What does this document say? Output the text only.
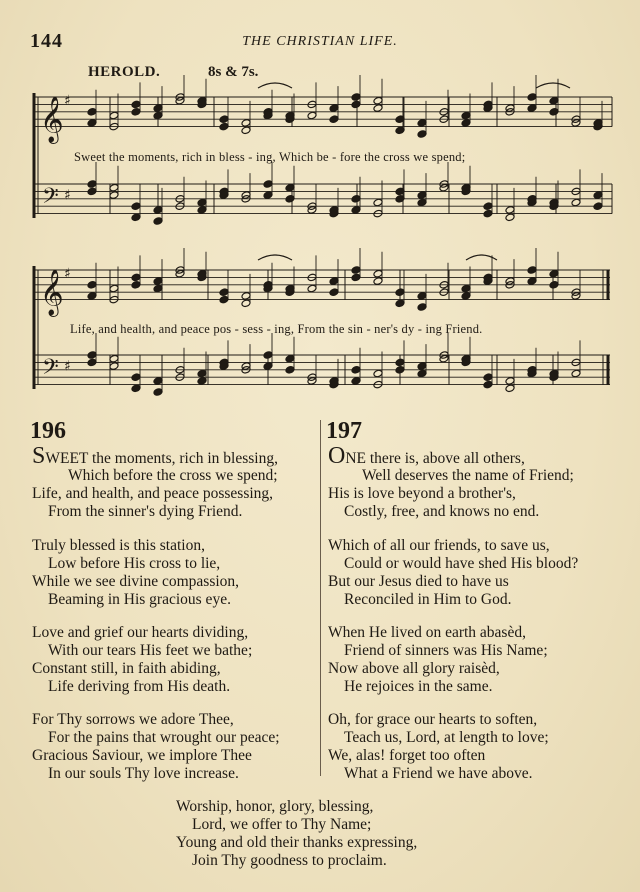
144	THE CHRISTIAN LIFE.
HEROLD.	8s & 7s.
𝄞 ♯
𝄢 ♯
𝄞 ♯
𝄢 ♯
Sweet the moments, rich in bless - ing, Which be - fore the cross we spend;
Life, and health, and peace pos - sess - ing, From the sin - ner's dy - ing Friend.
196
SWEET the moments, rich in blessing,
Which before the cross we spend;
Life, and health, and peace possessing,
From the sinner's dying Friend.
Truly blessed is this station,
Low before His cross to lie,
While we see divine compassion,
Beaming in His gracious eye.
Love and grief our hearts dividing,
With our tears His feet we bathe;
Constant still, in faith abiding,
Life deriving from His death.
For Thy sorrows we adore Thee,
For the pains that wrought our peace;
Gracious Saviour, we implore Thee
In our souls Thy love increase.
Worship, honor, glory, blessing,
Lord, we offer to Thy Name;
Young and old their thanks expressing,
Join Thy goodness to proclaim.
197
ONE there is, above all others,
Well deserves the name of Friend;
His is love beyond a brother's,
Costly, free, and knows no end.
Which of all our friends, to save us,
Could or would have shed His blood?
But our Jesus died to have us
Reconciled in Him to God.
When He lived on earth abasèd,
Friend of sinners was His Name;
Now above all glory raisèd,
He rejoices in the same.
Oh, for grace our hearts to soften,
Teach us, Lord, at length to love;
We, alas! forget too often
What a Friend we have above.
